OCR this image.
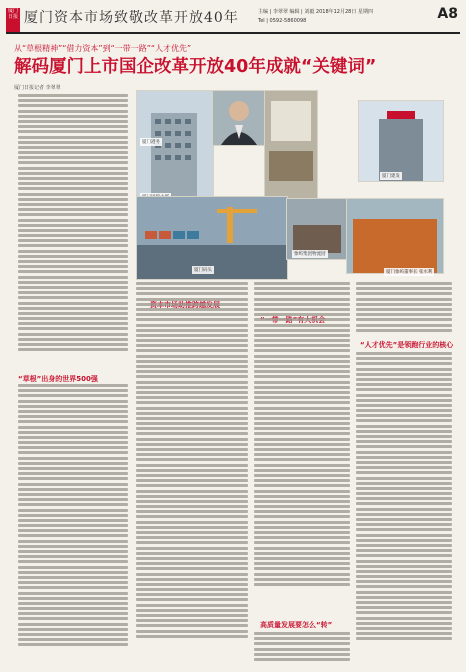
厦门日报 厦门资本市场致敬改革开放40年	主编 | 李翠翠 编辑 | 刘毅 2018年12月28日 星期四
Tel | 0592-5860098	A8
从“草根精神”“借力资本”到“一带一路”“人才优先”
解码厦门上市国企改革开放40年成就“关键词”
厦门日报记者 李翠翠
厦门建发
厦门码头
象屿集团物流园
厦门象屿董事长 张水利
厦门港务
“草根”出身的世界500强
“人才优先”是领跑行业的核心
高质量发展要怎么“转”
